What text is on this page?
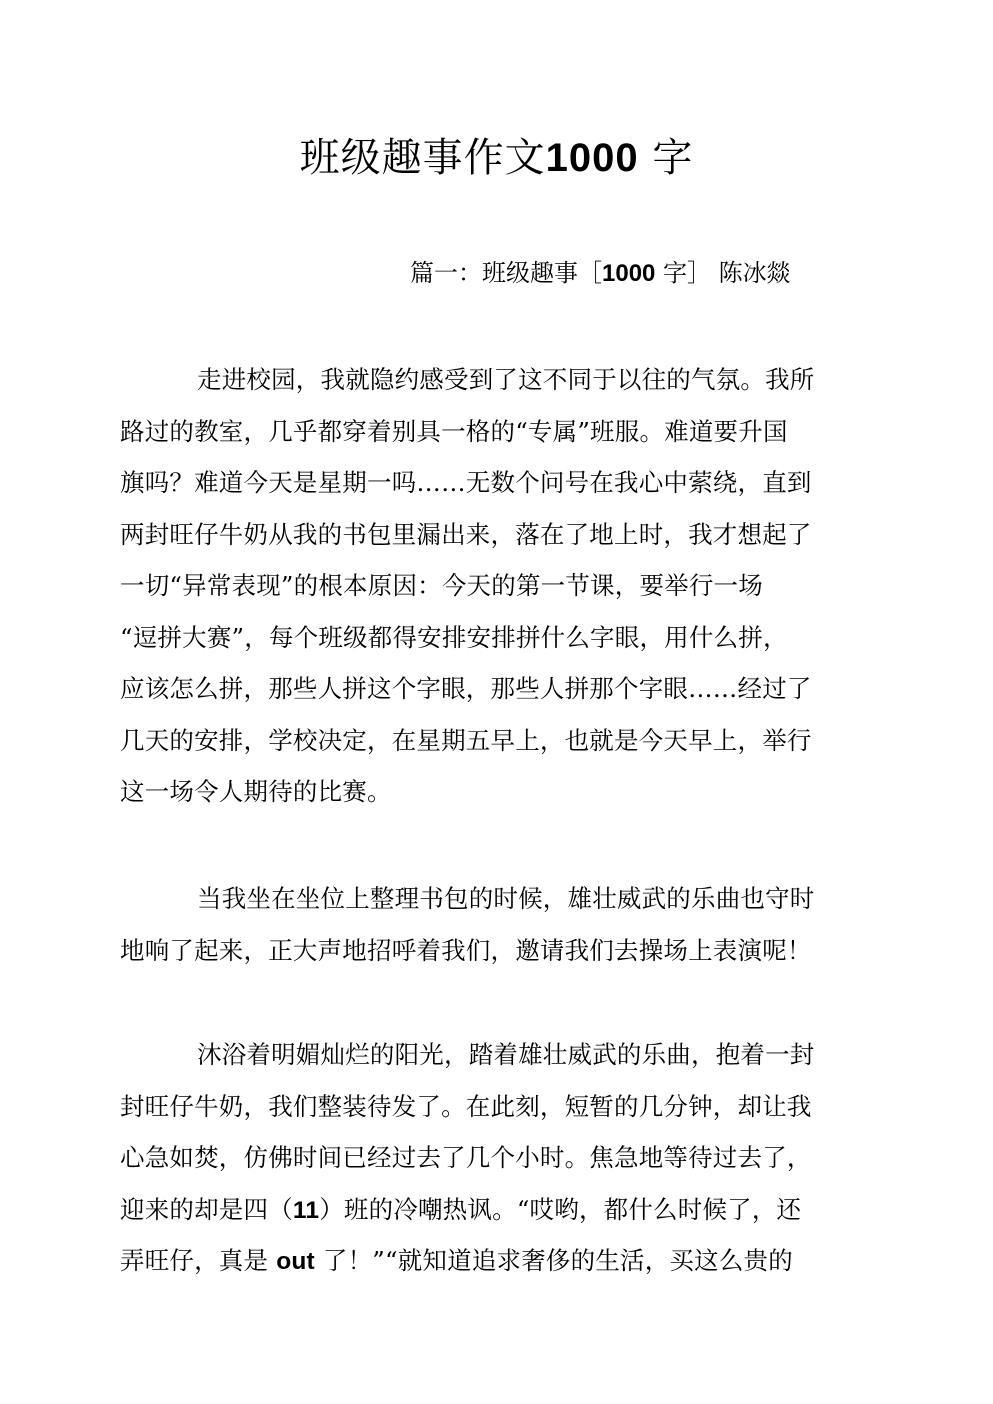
班级趣事作文1000 字
篇一：班级趣事［1000 字］ 陈冰燚
走进校园，我就隐约感受到了这不同于以往的气氛。我所
路过的教室，几乎都穿着别具一格的“专属”班服。难道要升国
旗吗？难道今天是星期一吗……无数个问号在我心中萦绕，直到
两封旺仔牛奶从我的书包里漏出来，落在了地上时，我才想起了
一切“异常表现”的根本原因：今天的第一节课，要举行一场
“逗拼大赛”，每个班级都得安排安排拼什么字眼，用什么拼，
应该怎么拼，那些人拼这个字眼，那些人拼那个字眼……经过了
几天的安排，学校决定，在星期五早上，也就是今天早上，举行
这一场令人期待的比赛。
当我坐在坐位上整理书包的时候，雄壮威武的乐曲也守时
地响了起来，正大声地招呼着我们，邀请我们去操场上表演呢！
沐浴着明媚灿烂的阳光，踏着雄壮威武的乐曲，抱着一封
封旺仔牛奶，我们整装待发了。在此刻，短暂的几分钟，却让我
心急如焚，仿佛时间已经过去了几个小时。焦急地等待过去了，
迎来的却是四（11）班的冷嘲热讽。“哎哟，都什么时候了，还
弄旺仔，真是 out 了！”“就知道追求奢侈的生活，买这么贵的
